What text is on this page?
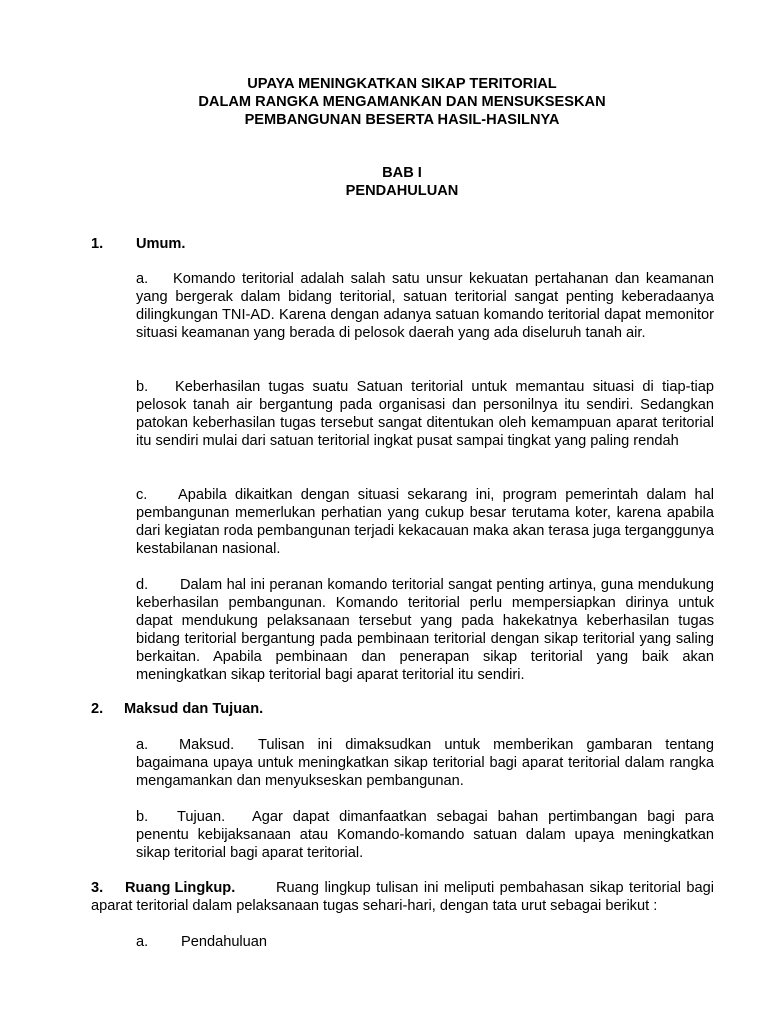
UPAYA MENINGKATKAN SIKAP TERITORIAL
DALAM RANGKA MENGAMANKAN DAN MENSUKSESKAN
PEMBANGUNAN BESERTA HASIL-HASILNYA
BAB I
PENDAHULUAN
1. Umum.
a. Komando teritorial adalah salah satu unsur kekuatan pertahanan dan keamanan yang bergerak dalam bidang teritorial, satuan teritorial sangat penting keberadaanya dilingkungan TNI-AD. Karena dengan adanya satuan komando teritorial dapat memonitor situasi keamanan yang berada di pelosok daerah yang ada diseluruh tanah air.
b. Keberhasilan tugas suatu Satuan teritorial untuk memantau situasi di tiap-tiap pelosok tanah air bergantung pada organisasi dan personilnya itu sendiri. Sedangkan patokan keberhasilan tugas tersebut sangat ditentukan oleh kemampuan aparat teritorial itu sendiri mulai dari satuan teritorial ingkat pusat sampai tingkat yang paling rendah
c. Apabila dikaitkan dengan situasi sekarang ini, program pemerintah dalam hal pembangunan memerlukan perhatian yang cukup besar terutama koter, karena apabila dari kegiatan roda pembangunan terjadi kekacauan maka akan terasa juga terganggunya kestabilanan nasional.
d. Dalam hal ini peranan komando teritorial sangat penting artinya, guna mendukung keberhasilan pembangunan. Komando teritorial perlu mempersiapkan dirinya untuk dapat mendukung pelaksanaan tersebut yang pada hakekatnya keberhasilan tugas bidang teritorial bergantung pada pembinaan teritorial dengan sikap teritorial yang saling berkaitan. Apabila pembinaan dan penerapan sikap teritorial yang baik akan meningkatkan sikap teritorial bagi aparat teritorial itu sendiri.
2. Maksud dan Tujuan.
a. Maksud. Tulisan ini dimaksudkan untuk memberikan gambaran tentang bagaimana upaya untuk meningkatkan sikap teritorial bagi aparat teritorial dalam rangka mengamankan dan menyukseskan pembangunan.
b. Tujuan. Agar dapat dimanfaatkan sebagai bahan pertimbangan bagi para penentu kebijaksanaan atau Komando-komando satuan dalam upaya meningkatkan sikap teritorial bagi aparat teritorial.
3. Ruang Lingkup.	Ruang lingkup tulisan ini meliputi pembahasan sikap teritorial bagi aparat teritorial dalam pelaksanaan tugas sehari-hari, dengan tata urut sebagai berikut :
a. Pendahuluan
